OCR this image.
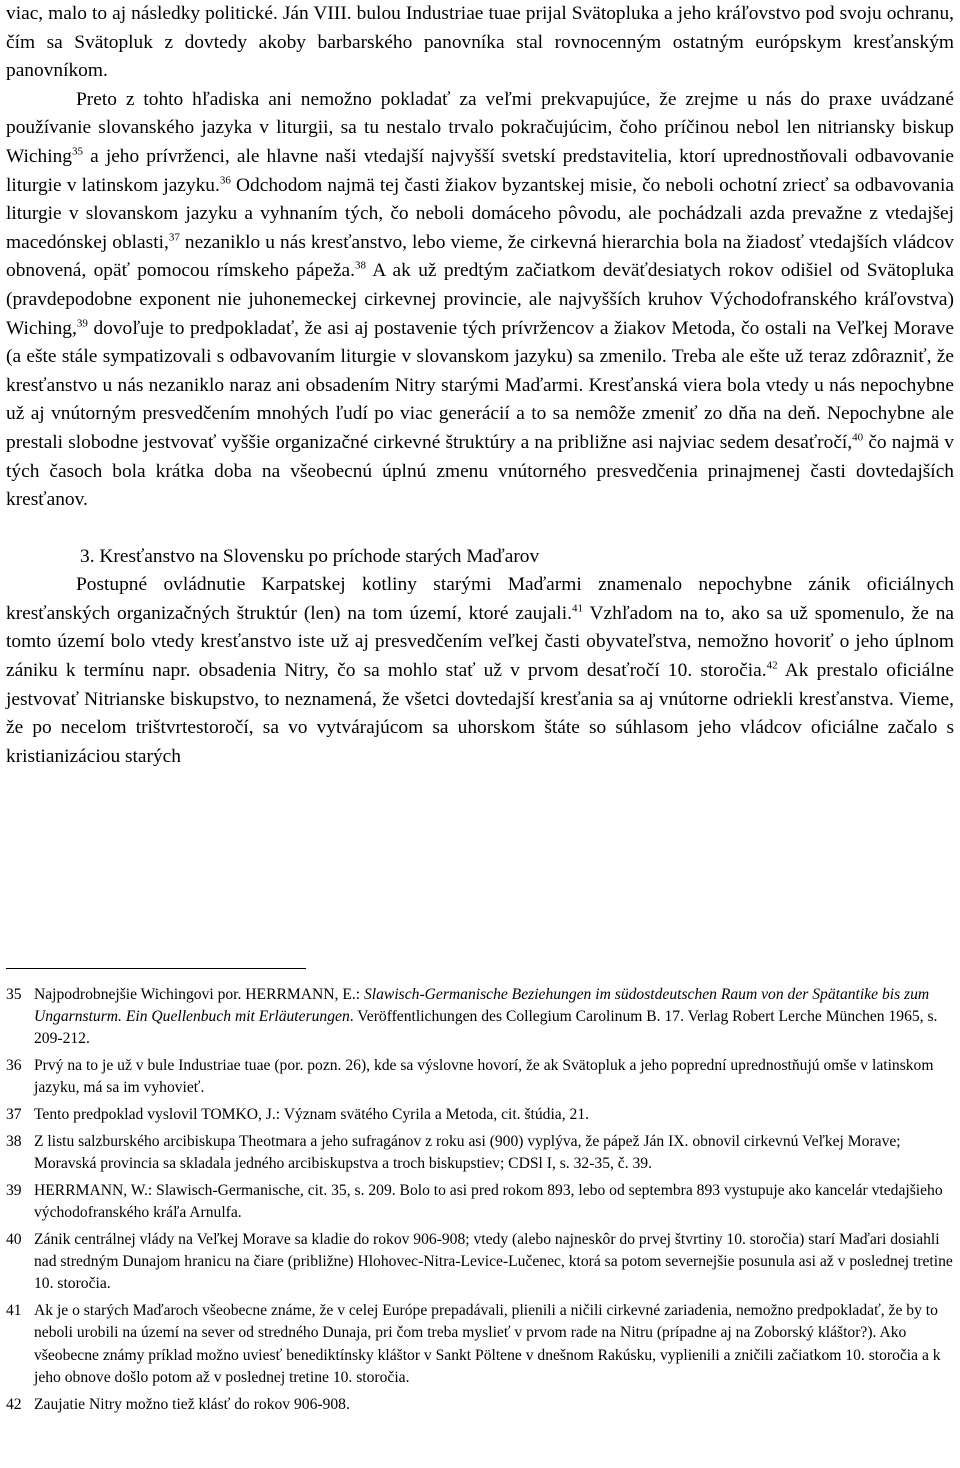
viac, malo to aj následky politické. Ján VIII. bulou Industriae tuae prijal Svätopluka a jeho kráľovstvo pod svoju ochranu, čím sa Svätopluk z dovtedy akoby barbarského panovníka stal rovnocenným ostatným európskym kresťanským panovníkom.

Preto z tohto hľadiska ani nemožno pokladať za veľmi prekvapujúce, že zrejme u nás do praxe uvádzané používanie slovanského jazyka v liturgii, sa tu nestalo trvalo pokračujúcim, čoho príčinou nebol len nitriansky biskup Wiching$^{35}$ a jeho prívrženci, ale hlavne naši vtedajší najvyšší svetskí predstavitelia, ktorí uprednostňovali odbavovanie liturgie v latinskom jazyku.$^{36}$ Odchodom najmä tej časti žiakov byzantskej misie, čo neboli ochotní zriecť sa odbavovania liturgie v slovanskom jazyku a vyhnaním tých, čo neboli domáceho pôvodu, ale pochádzali azda prevažne z vtedajšej macedónskej oblasti,$^{37}$ nezaniklo u nás kresťanstvo, lebo vieme, že cirkevná hierarchia bola na žiadosť vtedajších vládcov obnovená, opäť pomocou rímskeho pápeža.$^{38}$ A ak už predtým začiatkom deväťdesiatych rokov odišiel od Svätopluka (pravdepodobne exponent nie juhonemeckej cirkevnej provincie, ale najvyšších kruhov Východofranského kráľovstva) Wiching,$^{39}$ dovoľuje to predpokladať, že asi aj postavenie tých prívržencov a žiakov Metoda, čo ostali na Veľkej Morave (a ešte stále sympatizovali s odbavovaním liturgie v slovanskom jazyku) sa zmenilo. Treba ale ešte už teraz zdôrazniť, že kresťanstvo u nás nezaniklo naraz ani obsadením Nitry starými Maďarmi. Kresťanská viera bola vtedy u nás nepochybne už aj vnútorným presvedčením mnohých ľudí po viac generácií a to sa nemôže zmeniť zo dňa na deň. Nepochybne ale prestali slobodne jestvovať vyššie organizačné cirkevné štruktúry a na približne asi najviac sedem desaťročí,$^{40}$ čo najmä v tých časoch bola krátka doba na všeobecnú úplnú zmenu vnútorného presvedčenia prinajmenej časti dovtedajších kresťanov.

3. Kresťanstvo na Slovensku po príchode starých Maďarov

Postupné ovládnutie Karpatskej kotliny starými Maďarmi znamenalo nepochybne zánik oficiálnych kresťanských organizačných štruktúr (len) na tom území, ktoré zaujali.$^{41}$ Vzhľadom na to, ako sa už spomenulo, že na tomto území bolo vtedy kresťanstvo iste už aj presvedčením veľkej časti obyvateľstva, nemožno hovoriť o jeho úplnom zániku k termínu napr. obsadenia Nitry, čo sa mohlo stať už v prvom desaťročí 10. storočia.$^{42}$ Ak prestalo oficiálne jestvovať Nitrianske biskupstvo, to neznamená, že všetci dovtedajší kresťania sa aj vnútorne odriekli kresťanstva. Vieme, že po necelom trištvrtestoročí, sa vo vytvárajúcom sa uhorskom štáte so súhlasom jeho vládcov oficiálne začalo s kristianizáciou starých

35 Najpodrobnejšie Wichingovi por. HERRMANN, E.: Slawisch-Germanische Beziehungen im südostdeutschen Raum von der Spätantike bis zum Ungarnsturm. Ein Quellenbuch mit Erläuterungen. Veröffentlichungen des Collegium Carolinum B. 17. Verlag Robert Lerche München 1965, s. 209-212.
36 Prvý na to je už v bule Industriae tuae (por. pozn. 26), kde sa výslovne hovorí, že ak Svätopluk a jeho poprední uprednostňujú omše v latinskom jazyku, má sa im vyhovieť.
37 Tento predpoklad vyslovil TOMKO, J.: Význam svätého Cyrila a Metoda, cit. štúdia, 21.
38 Z listu salzburského arcibiskupa Theotmara a jeho sufragánov z roku asi (900) vyplýva, že pápež Ján IX. obnovil cirkevnú Veľkej Morave; Moravská provincia sa skladala jedného arcibiskupstva a troch biskupstiev; CDSl I, s. 32-35, č. 39.
39 HERRMANN, W.: Slawisch-Germanische, cit. 35, s. 209. Bolo to asi pred rokom 893, lebo od septembra 893 vystupuje ako kancelár vtedajšieho východofranského kráľa Arnulfa.
40 Zánik centrálnej vlády na Veľkej Morave sa kladie do rokov 906-908; vtedy (alebo najneskôr do prvej štvrtiny 10. storočia) starí Maďari dosiahli nad stredným Dunajom hranicu na čiare (približne) Hlohovec-Nitra-Levice-Lučenec, ktorá sa potom severnejšie posunula asi až v poslednej tretine 10. storočia.
41 Ak je o starých Maďaroch všeobecne známe, že v celej Európe prepadávali, plienili a ničili cirkevné zariadenia, nemožno predpokladať, že by to neboli urobili na území na sever od stredného Dunaja, pri čom treba myslieť v prvom rade na Nitru (prípadne aj na Zoborský kláštor?). Ako všeobecne známy príklad možno uviesť benediktínsky kláštor v Sankt Pöltene v dnešnom Rakúsku, vyplienili a zničili začiatkom 10. storočia a k jeho obnove došlo potom až v poslednej tretine 10. storočia.
42 Zaujatie Nitry možno tiež klásť do rokov 906-908.
